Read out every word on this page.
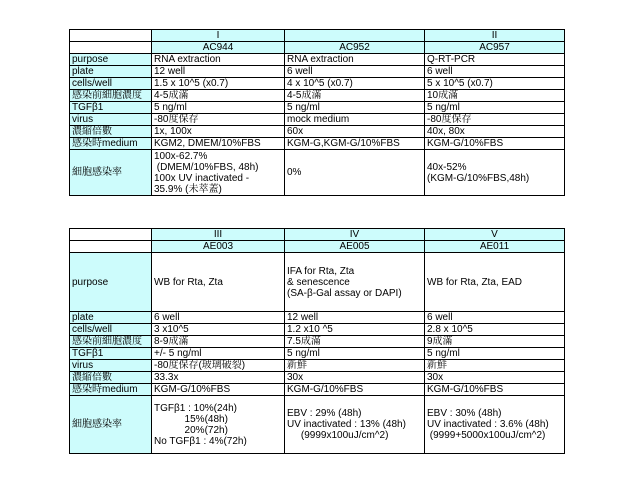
	I		II
	AC944	AC952	AC957
purpose	RNA extraction	RNA extraction	Q-RT-PCR
plate	12 well	6 well	6 well
cells/well	1.5 x 10^5 (x0.7)	4 x 10^5 (x0.7)	5 x 10^5 (x0.7)
感染前細胞濃度	4-5成滿	4-5成滿	10成滿
TGFβ1	5 ng/ml	5 ng/ml	5 ng/ml
virus	-80度保存	mock medium	-80度保存
濃縮倍數	1x, 100x	60x	40x, 80x
感染時medium	KGM2, DMEM/10%FBS	KGM-G,KGM-G/10%FBS	KGM-G/10%FBS
細胞感染率	100x-62.7%
(DMEM/10%FBS, 48h)
100x UV inactivated -
35.9% (未萃蓋)	0%	40x-52%
(KGM-G/10%FBS,48h)
	III	IV	V
	AE003	AE005	AE011
purpose	WB for Rta, Zta	IFA for Rta, Zta
& senescence
(SA-β-Gal assay or DAPI)	WB for Rta, Zta, EAD
plate	6 well	12 well	6 well
cells/well	3 x10^5	1.2 x10 ^5	2.8 x 10^5
感染前細胞濃度	8-9成滿	7.5成滿	9成滿
TGFβ1	+/- 5 ng/ml	5 ng/ml	5 ng/ml
virus	-80度保存(玻璃破裂)	新鮮	新鮮
濃縮倍數	33.3x	30x	30x
感染時medium	KGM-G/10%FBS	KGM-G/10%FBS	KGM-G/10%FBS
細胞感染率	TGFβ1 : 10%(24h)
15%(48h)
20%(72h)
No TGFβ1 : 4%(72h)	EBV : 29% (48h)
UV inactivated : 13% (48h)
(9999x100uJ/cm^2)	EBV : 30% (48h)
UV inactivated : 3.6% (48h)
(9999+5000x100uJ/cm^2)
